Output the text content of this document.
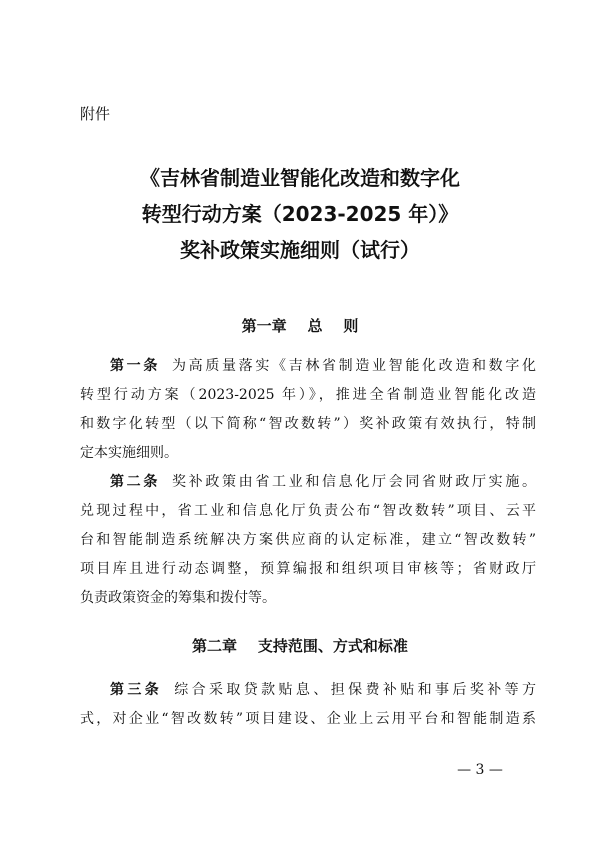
附件
《吉林省制造业智能化改造和数字化
转型行动方案（2023-2025 年）》
奖补政策实施细则（试行）
第一章    总    则
第一条 为高质量落实《吉林省制造业智能化改造和数字化
转型行动方案（2023-2025 年）》，推进全省制造业智能化改造
和数字化转型（以下简称“智改数转”）奖补政策有效执行，特制
定本实施细则。
第二条 奖补政策由省工业和信息化厅会同省财政厅实施。
兑现过程中，省工业和信息化厅负责公布“智改数转”项目、云平
台和智能制造系统解决方案供应商的认定标准，建立“智改数转”
项目库且进行动态调整，预算编报和组织项目审核等；省财政厅
负责政策资金的筹集和拨付等。
第二章    支持范围、方式和标准
第三条 综合采取贷款贴息、担保费补贴和事后奖补等方
式，对企业“智改数转”项目建设、企业上云用平台和智能制造系
— 3 —
